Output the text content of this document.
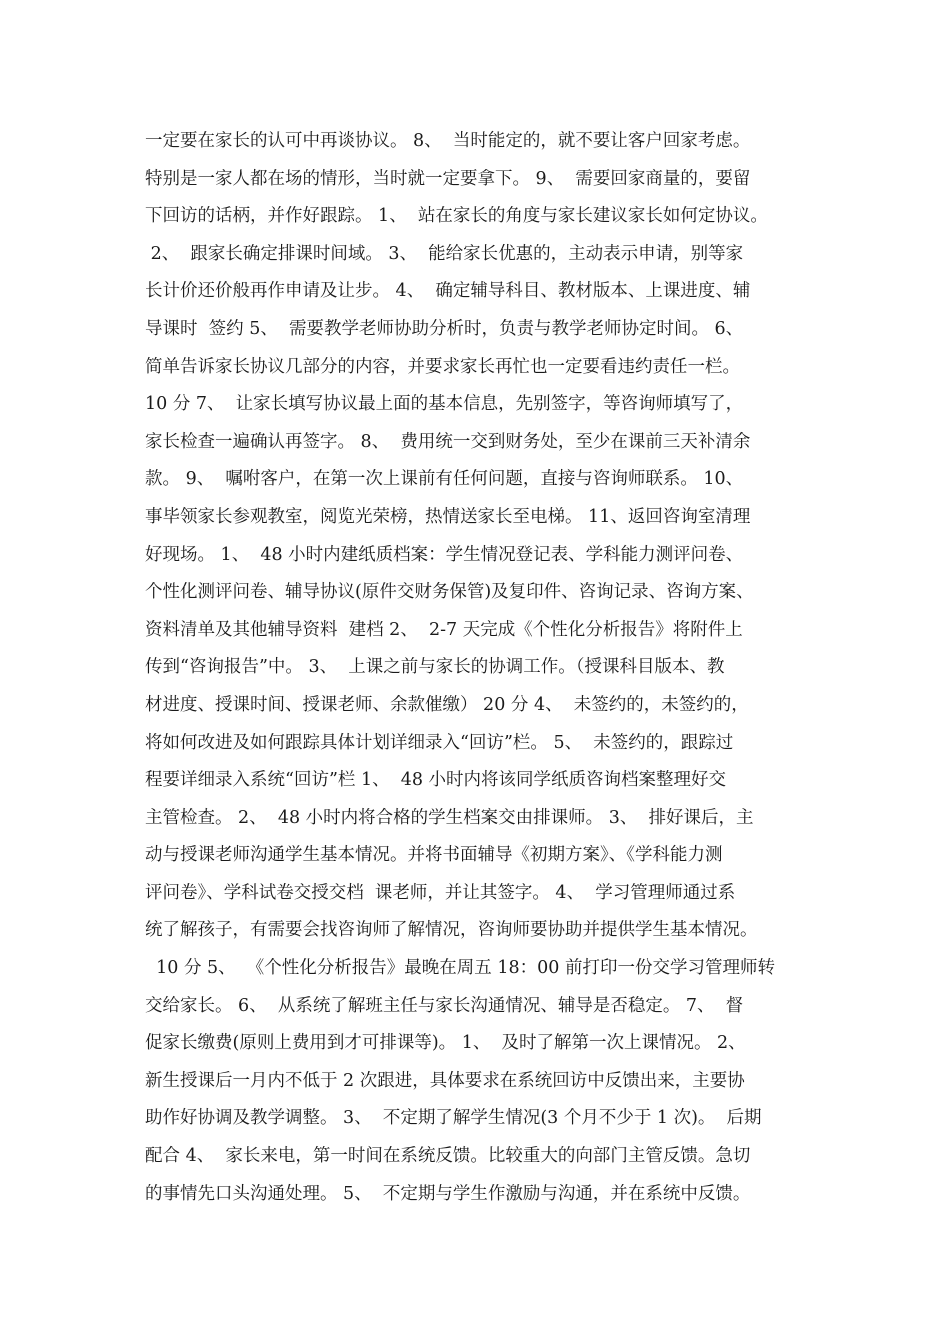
一定要在家长的认可中再谈协议。 8、  当时能定的，就不要让客户回家考虑。
特别是一家人都在场的情形，当时就一定要拿下。 9、  需要回家商量的，要留
下回访的话柄，并作好跟踪。 1、  站在家长的角度与家长建议家长如何定协议。
2、  跟家长确定排课时间域。 3、  能给家长优惠的，主动表示申请，别等家
长计价还价般再作申请及让步。 4、  确定辅导科目、教材版本、上课进度、辅
导课时  签约 5、  需要教学老师协助分析时，负责与教学老师协定时间。 6、
简单告诉家长协议几部分的内容，并要求家长再忙也一定要看违约责任一栏。
10 分 7、  让家长填写协议最上面的基本信息，先别签字，等咨询师填写了，
家长检查一遍确认再签字。 8、  费用统一交到财务处，至少在课前三天补清余
款。 9、  嘱咐客户，在第一次上课前有任何问题，直接与咨询师联系。 10、
事毕领家长参观教室，阅览光荣榜，热情送家长至电梯。 11、返回咨询室清理
好现场。 1、  48 小时内建纸质档案：学生情况登记表、学科能力测评问卷、
个性化测评问卷、辅导协议(原件交财务保管)及复印件、咨询记录、咨询方案、
资料清单及其他辅导资料  建档 2、  2-7 天完成《个性化分析报告》将附件上
传到“咨询报告”中。 3、  上课之前与家长的协调工作。（授课科目版本、教
材进度、授课时间、授课老师、余款催缴） 20 分 4、  未签约的，未签约的，
将如何改进及如何跟踪具体计划详细录入“回访”栏。 5、  未签约的，跟踪过
程要详细录入系统“回访”栏 1、  48 小时内将该同学纸质咨询档案整理好交
主管检查。 2、  48 小时内将合格的学生档案交由排课师。 3、  排好课后，主
动与授课老师沟通学生基本情况。并将书面辅导《初期方案》、《学科能力测
评问卷》、学科试卷交授交档  课老师，并让其签字。 4、  学习管理师通过系
统了解孩子，有需要会找咨询师了解情况，咨询师要协助并提供学生基本情况。
10 分 5、  《个性化分析报告》最晚在周五 18：00 前打印一份交学习管理师转
交给家长。 6、  从系统了解班主任与家长沟通情况、辅导是否稳定。 7、  督
促家长缴费(原则上费用到才可排课等)。 1、  及时了解第一次上课情况。 2、
新生授课后一月内不低于 2 次跟进，具体要求在系统回访中反馈出来，主要协
助作好协调及教学调整。 3、  不定期了解学生情况(3 个月不少于 1 次)。  后期
配合 4、  家长来电，第一时间在系统反馈。比较重大的向部门主管反馈。急切
的事情先口头沟通处理。 5、  不定期与学生作激励与沟通，并在系统中反馈。
